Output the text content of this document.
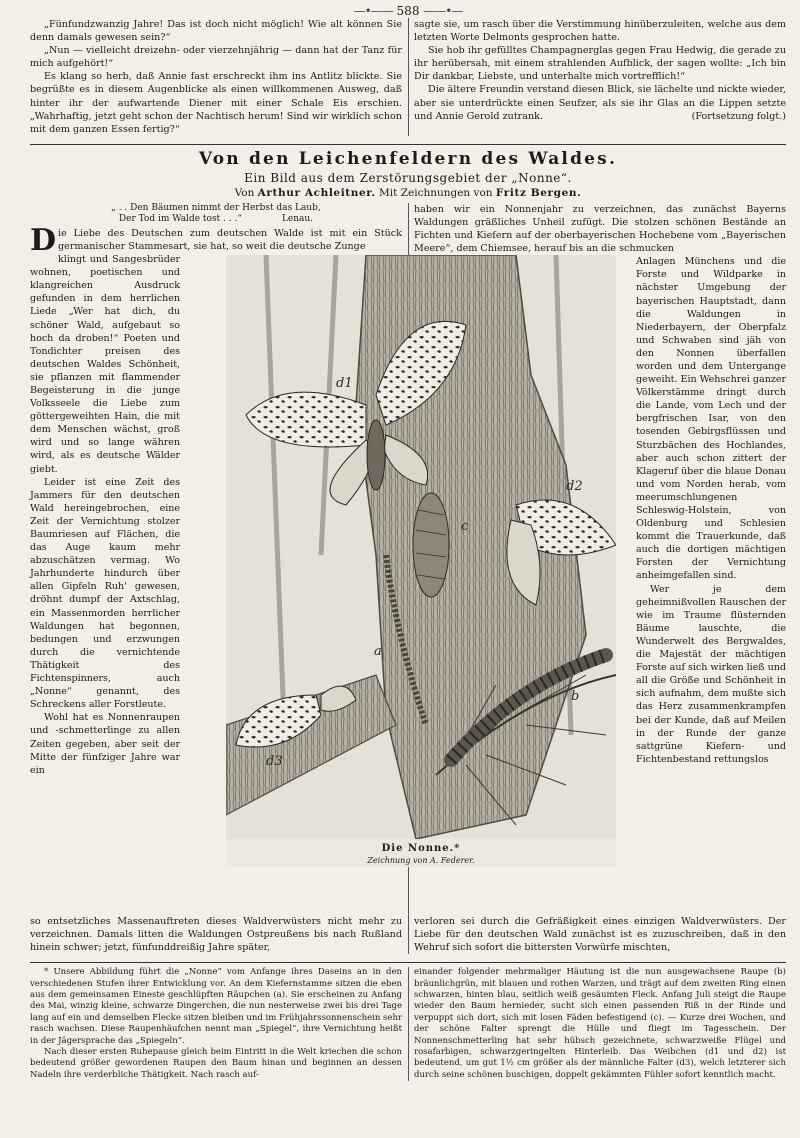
—•—— 588 ——•—

„Fünfundzwanzig Jahre! Das ist doch nicht möglich! Wie alt können Sie denn damals gewesen sein?“

„Nun — vielleicht dreizehn- oder vierzehnjährig — dann hat der Tanz für mich aufgehört!“

Es klang so herb, daß Annie fast erschreckt ihm ins Antlitz blickte. Sie begrüßte es in diesem Augenblicke als einen willkommenen Ausweg, daß hinter ihr der aufwartende Diener mit einer Schale Eis erschien. „Wahrhaftig, jetzt geht schon der Nachtisch herum! Sind wir wirklich schon mit dem ganzen Essen fertig?“

sagte sie, um rasch über die Verstimmung hinüberzuleiten, welche aus dem letzten Worte Delmonts gesprochen hatte.

Sie hob ihr gefülltes Champagnerglas gegen Frau Hedwig, die gerade zu ihr herübersah, mit einem strahlenden Aufblick, der sagen wollte: „Ich bin Dir dankbar, Liebste, und unterhalte mich vortrefflich!“

Die ältere Freundin verstand diesen Blick, sie lächelte und nickte wieder, aber sie unterdrückte einen Seufzer, als sie ihr Glas an die Lippen setzte und Annie Gerold zutrank.	(Fortsetzung folgt.)

Von den Leichenfeldern des Waldes.
Ein Bild aus dem Zerstörungsgebiet der „Nonne“.
Von Arthur Achleitner. Mit Zeichnungen von Fritz Bergen.
„ . . Den Bäumen nimmt der Herbst das Laub,
Der Tod im Walde tost . . .“	Lenau.

Die Liebe des Deutschen zum deutschen Walde ist mit ein Stück germanischer Stammesart, sie hat, so weit die deutsche Zunge

klingt und Sangesbrüder wohnen, poetischen und klangreichen Ausdruck gefunden in dem herrlichen Liede „Wer hat dich, du schöner Wald, aufgebaut so hoch da droben!“ Poeten und Tondichter preisen des deutschen Waldes Schönheit, sie pflanzen mit flammender Begeisterung in die junge Volksseele die Liebe zum göttergeweihten Hain, die mit dem Menschen wächst, groß wird und so lange währen wird, als es deutsche Wälder giebt.

Leider ist eine Zeit des Jammers für den deutschen Wald hereingebrochen, eine Zeit der Vernichtung stolzer Baumriesen auf Flächen, die das Auge kaum mehr abzuschätzen vermag. Wo Jahrhunderte hindurch über allen Gipfeln Ruh' gewesen, dröhnt dumpf der Axtschlag, ein Massenmorden herrlicher Waldungen hat begonnen, bedungen und erzwungen durch die vernichtende Thätigkeit des Fichtenspinners, auch „Nonne“ genannt, des Schreckens aller Forstleute.

Wohl hat es Nonnenraupen und -schmetterlinge zu allen Zeiten gegeben, aber seit der Mitte der fünfziger Jahre war ein

haben wir ein Nonnenjahr zu verzeichnen, das zunächst Bayerns Waldungen gräßliches Unheil zufügt. Die stolzen schönen Bestände an Fichten und Kiefern auf der oberbayerischen Hochebene vom „Bayerischen Meere“, dem Chiemsee, herauf bis an die schmucken

Anlagen Münchens und die Forste und Wildparke in nächster Umgebung der bayerischen Hauptstadt, dann die Waldungen in Niederbayern, der Oberpfalz und Schwaben sind jäh von den Nonnen überfallen worden und dem Untergange geweiht. Ein Wehschrei ganzer Völkerstämme dringt durch die Lande, vom Lech und der bergfrischen Isar, von den tosenden Gebirgsflüssen und Sturzbächen des Hochlandes, aber auch schon zittert der Klageruf über die blaue Donau und vom Norden herab, vom meerumschlungenen Schleswig-Holstein, von Oldenburg und Schlesien kommt die Trauerkunde, daß auch die dortigen mächtigen Forsten der Vernichtung anheimgefallen sind.

Wer je dem geheimnißvollen Rauschen der wie im Traume flüsternden Bäume lauschte, die Wunderwelt des Bergwaldes, die Majestät der mächtigen Forste auf sich wirken ließ und all die Größe und Schönheit in sich aufnahm, dem mußte sich das Herz zusammenkrampfen bei der Kunde, daß auf Meilen in der Runde der ganze sattgrüne Kiefern- und Fichtenbestand rettungslos

d1
d2
c
a
b
d3
Die Nonne.*
Zeichnung von A. Federer.

so entsetzliches Massenauftreten dieses Waldverwüsters nicht mehr zu verzeichnen. Damals litten die Waldungen Ostpreußens bis nach Rußland hinein schwer; jetzt, fünfunddreißig Jahre später,

verloren sei durch die Gefräßigkeit eines einzigen Waldverwüsters. Der Liebe für den deutschen Wald zunächst ist es zuzuschreiben, daß in den Wehruf sich sofort die bittersten Vorwürfe mischten,

* Unsere Abbildung führt die „Nonne“ vom Anfange ihres Daseins an in den verschiedenen Stufen ihrer Entwicklung vor. An dem Kiefernstamme sitzen die eben aus dem gemeinsamen Eineste geschlüpften Räupchen (a). Sie erscheinen zu Anfang des Mai, winzig kleine, schwarze Dingerchen, die nun nesterweise zwei bis drei Tage lang auf ein und demselben Flecke sitzen bleiben und im Frühjahrssonnenschein sehr rasch wachsen. Diese Raupenhäufchen nennt man „Spiegel“, ihre Vernichtung heißt in der Jägersprache das „Spiegeln“.

Nach dieser ersten Ruhepause gleich beim Eintritt in die Welt kriechen die schon bedeutend größer gewordenen Raupen den Baum hinan und beginnen an dessen Nadeln ihre verderbliche Thätigkeit. Nach rasch auf-

einander folgender mehrmaliger Häutung ist die nun ausgewachsene Raupe (b) bräunlichgrün, mit blauen und rothen Warzen, und trägt auf dem zweiten Ring einen schwarzen, hinten blau, seitlich weiß gesäumten Fleck. Anfang Juli steigt die Raupe wieder den Baum hernieder, sucht sich einen passenden Riß in der Rinde und verpuppt sich dort, sich mit losen Fäden befestigend (c). — Kurze drei Wochen, und der schöne Falter sprengt die Hülle und fliegt im Tagesschein. Der Nonnenschmetterling hat sehr hübsch gezeichnete, schwarzweiße Flügel und rosafarbigen, schwarzgeringelten Hinterleib. Das Weibchen (d1 und d2) ist bedeutend, um gut 1½ cm größer als der männliche Falter (d3), welch letzterer sich durch seine schönen buschigen, doppelt gekämmten Fühler sofort kenntlich macht.
